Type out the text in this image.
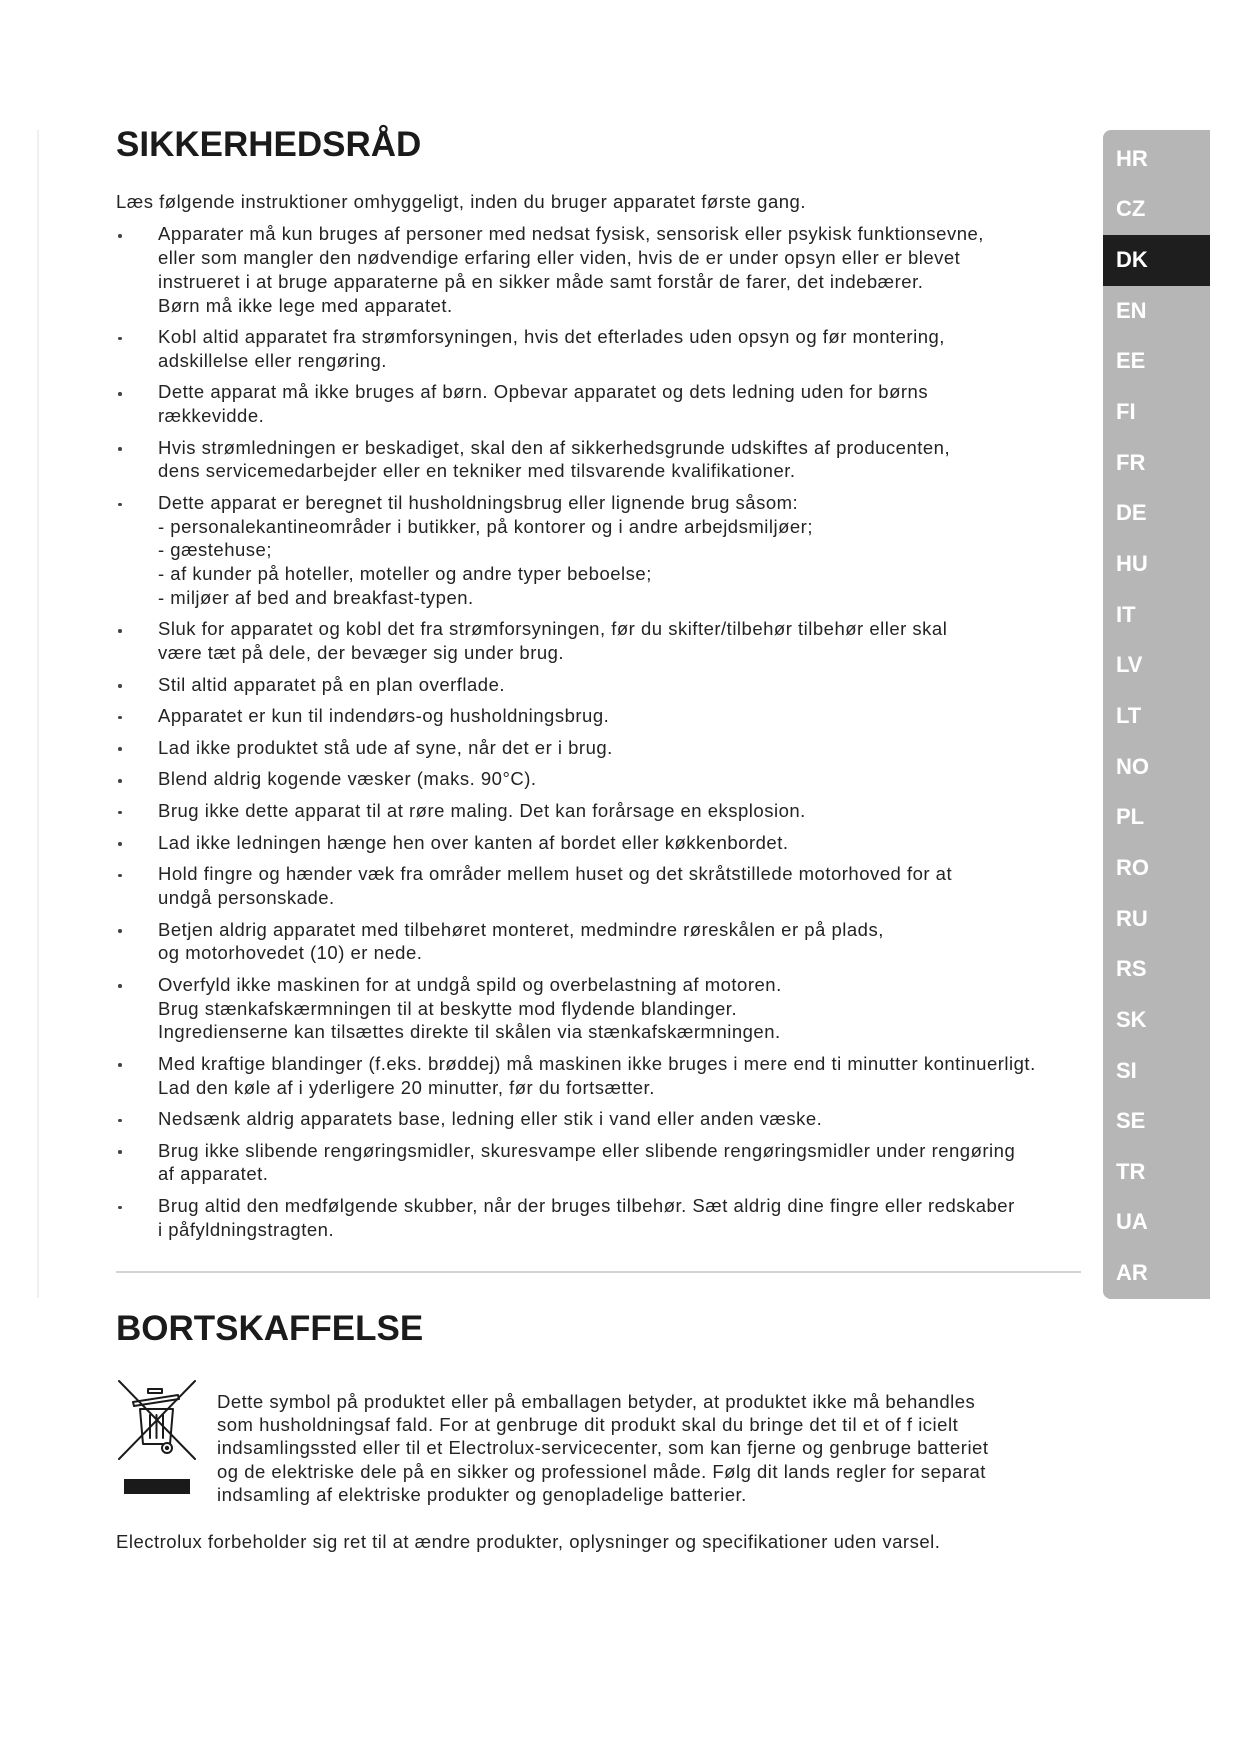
SIKKERHEDSRÅD
Læs følgende instruktioner omhyggeligt, inden du bruger apparatet første gang.
Apparater må kun bruges af personer med nedsat fysisk, sensorisk eller psykisk funktionsevne,
eller som mangler den nødvendige erfaring eller viden, hvis de er under opsyn eller er blevet
instrueret i at bruge apparaterne på en sikker måde samt forstår de farer, det indebærer.
Børn må ikke lege med apparatet.
Kobl altid apparatet fra strømforsyningen, hvis det efterlades uden opsyn og før montering,
adskillelse eller rengøring.
Dette apparat må ikke bruges af børn. Opbevar apparatet og dets ledning uden for børns
rækkevidde.
Hvis strømledningen er beskadiget, skal den af sikkerhedsgrunde udskiftes af producenten,
dens servicemedarbejder eller en tekniker med tilsvarende kvalifikationer.
Dette apparat er beregnet til husholdningsbrug eller lignende brug såsom:
- personalekantineområder i butikker, på kontorer og i andre arbejdsmiljøer;
- gæstehuse;
- af kunder på hoteller, moteller og andre typer beboelse;
- miljøer af bed and breakfast-typen.
Sluk for apparatet og kobl det fra strømforsyningen, før du skifter/tilbehør tilbehør eller skal
være tæt på dele, der bevæger sig under brug.
Stil altid apparatet på en plan overflade.
Apparatet er kun til indendørs-og husholdningsbrug.
Lad ikke produktet stå ude af syne, når det er i brug.
Blend aldrig kogende væsker (maks. 90°C).
Brug ikke dette apparat til at røre maling. Det kan forårsage en eksplosion.
Lad ikke ledningen hænge hen over kanten af bordet eller køkkenbordet.
Hold fingre og hænder væk fra områder mellem huset og det skråtstillede motorhoved for at
undgå personskade.
Betjen aldrig apparatet med tilbehøret monteret, medmindre røreskålen er på plads,
og motorhovedet (10) er nede.
Overfyld ikke maskinen for at undgå spild og overbelastning af motoren.
Brug stænkafskærmningen til at beskytte mod flydende blandinger.
Ingredienserne kan tilsættes direkte til skålen via stænkafskærmningen.
Med kraftige blandinger (f.eks. brøddej) må maskinen ikke bruges i mere end ti minutter kontinuerligt.
Lad den køle af i yderligere 20 minutter, før du fortsætter.
Nedsænk aldrig apparatets base, ledning eller stik i vand eller anden væske.
Brug ikke slibende rengøringsmidler, skuresvampe eller slibende rengøringsmidler under rengøring
af apparatet.
Brug altid den medfølgende skubber, når der bruges tilbehør. Sæt aldrig dine fingre eller redskaber
i påfyldningstragten.
BORTSKAFFELSE
Dette symbol på produktet eller på emballagen betyder, at produktet ikke må behandles
som husholdningsaf fald. For at genbruge dit produkt skal du bringe det til et of f icielt
indsamlingssted eller til et Electrolux-servicecenter, som kan fjerne og genbruge batteriet
og de elektriske dele på en sikker og professionel måde. Følg dit lands regler for separat
indsamling af elektriske produkter og genopladelige batterier.
Electrolux forbeholder sig ret til at ændre produkter, oplysninger og specifikationer uden varsel.
HR
CZ
DK
EN
EE
FI
FR
DE
HU
IT
LV
LT
NO
PL
RO
RU
RS
SK
SI
SE
TR
UA
AR
